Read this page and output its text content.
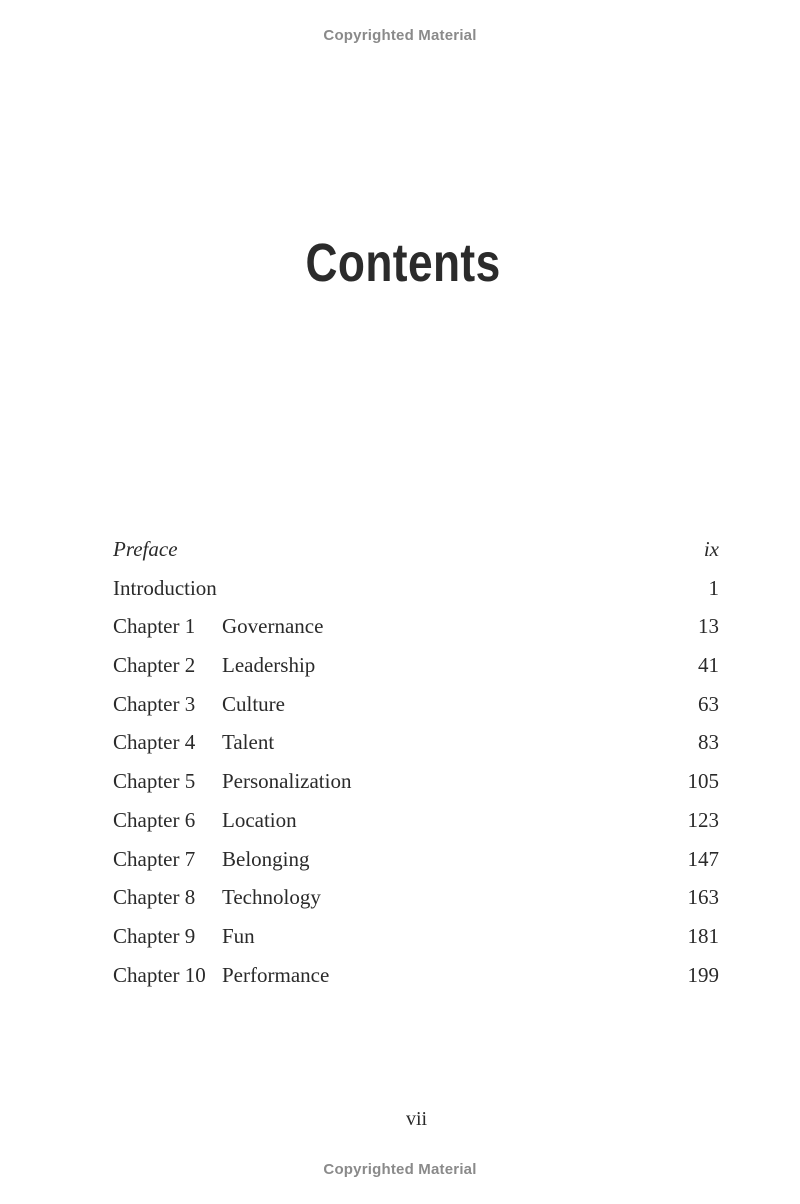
Copyrighted Material
Contents
Preface	ix
Introduction	1
Chapter 1 Governance	13
Chapter 2 Leadership	41
Chapter 3 Culture	63
Chapter 4 Talent	83
Chapter 5 Personalization	105
Chapter 6 Location	123
Chapter 7 Belonging	147
Chapter 8 Technology	163
Chapter 9 Fun	181
Chapter 10 Performance	199
vii
Copyrighted Material
